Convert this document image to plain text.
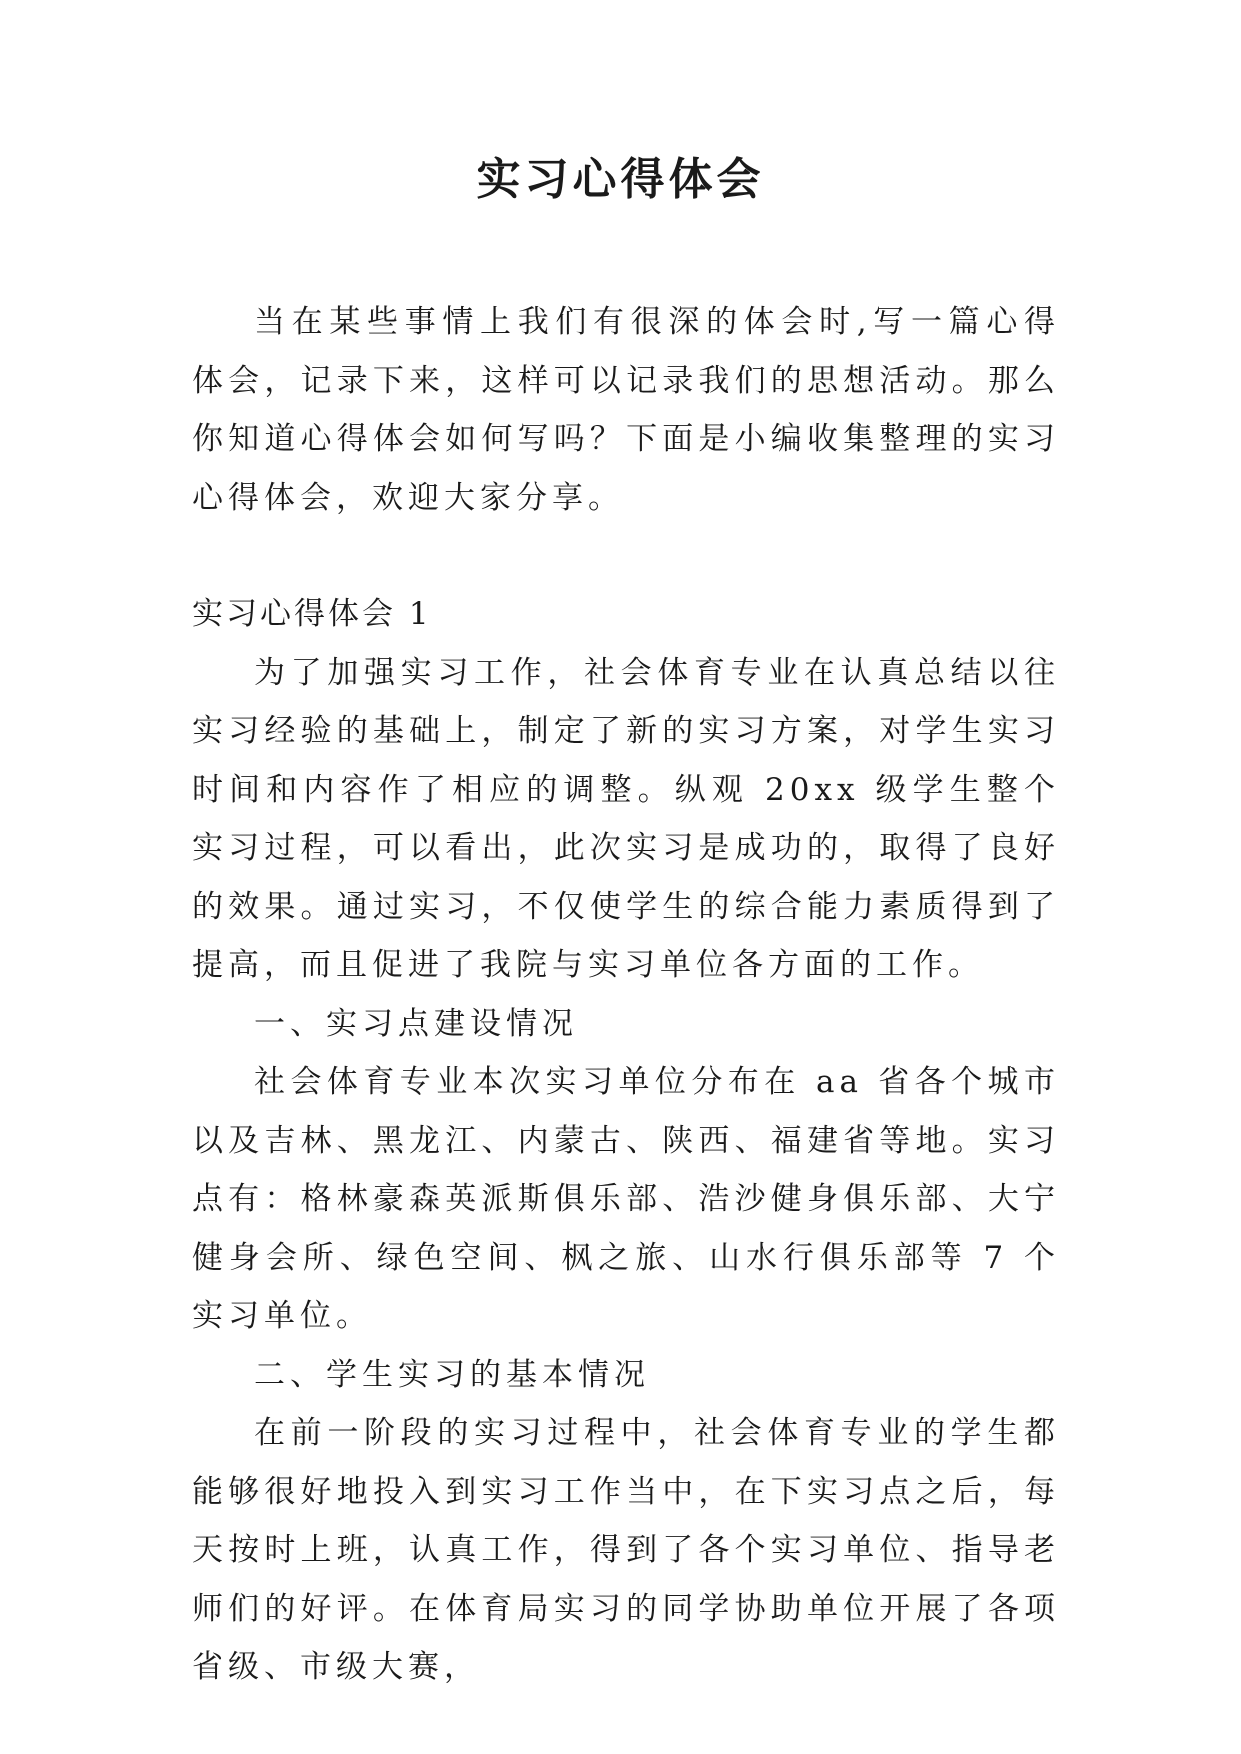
实习心得体会

当在某些事情上我们有很深的体会时,写一篇心得体会，记录下来，这样可以记录我们的思想活动。那么你知道心得体会如何写吗？下面是小编收集整理的实习心得体会，欢迎大家分享。

实习心得体会 1

为了加强实习工作，社会体育专业在认真总结以往实习经验的基础上，制定了新的实习方案，对学生实习时间和内容作了相应的调整。纵观 20xx 级学生整个实习过程，可以看出，此次实习是成功的，取得了良好的效果。通过实习，不仅使学生的综合能力素质得到了提高，而且促进了我院与实习单位各方面的工作。

一、实习点建设情况

社会体育专业本次实习单位分布在 aa 省各个城市以及吉林、黑龙江、内蒙古、陕西、福建省等地。实习点有：格林豪森英派斯俱乐部、浩沙健身俱乐部、大宁健身会所、绿色空间、枫之旅、山水行俱乐部等 7 个实习单位。

二、学生实习的基本情况

在前一阶段的实习过程中，社会体育专业的学生都能够很好地投入到实习工作当中，在下实习点之后，每天按时上班，认真工作，得到了各个实习单位、指导老师们的好评。在体育局实习的同学协助单位开展了各项省级、市级大赛，
